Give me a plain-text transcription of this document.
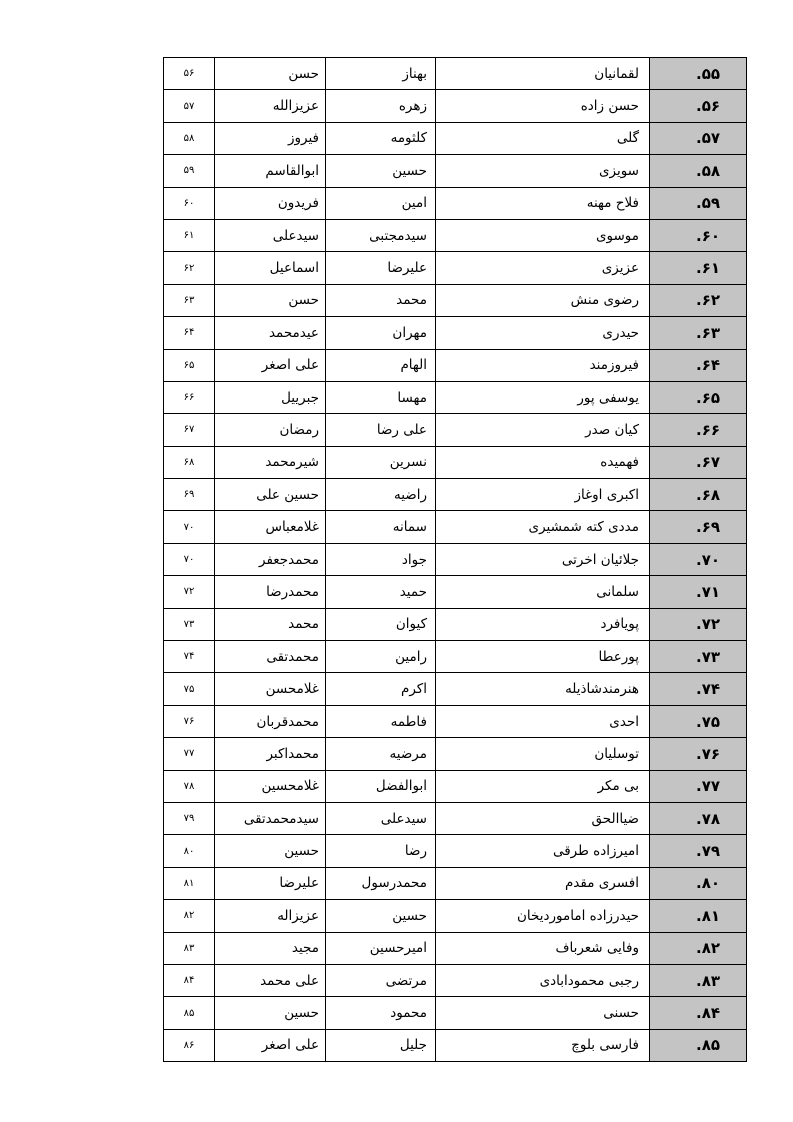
۵۵.	لقمانیان	بهناز	حسن	۵۶
۵۶.	حسن زاده	زهره	عزیزالله	۵۷
۵۷.	گلی	کلثومه	فیروز	۵۸
۵۸.	سویزی	حسین	ابوالقاسم	۵۹
۵۹.	فلاح مهنه	امین	فریدون	۶۰
۶۰.	موسوی	سیدمجتبی	سیدعلی	۶۱
۶۱.	عزیزی	علیرضا	اسماعیل	۶۲
۶۲.	رضوی منش	محمد	حسن	۶۳
۶۳.	حیدری	مهران	عیدمحمد	۶۴
۶۴.	فیروزمند	الهام	علی اصغر	۶۵
۶۵.	یوسفی پور	مهسا	جبرییل	۶۶
۶۶.	کیان صدر	علی رضا	رمضان	۶۷
۶۷.	فهمیده	نسرین	شیرمحمد	۶۸
۶۸.	اکبری اوغاز	راضیه	حسین علی	۶۹
۶۹.	مددی کته شمشیری	سمانه	غلامعباس	۷۰
۷۰.	جلائیان اخرتی	جواد	محمدجعفر	۷۰
۷۱.	سلمانی	حمید	محمدرضا	۷۲
۷۲.	پویافرد	کیوان	محمد	۷۳
۷۳.	پورعطا	رامین	محمدتقی	۷۴
۷۴.	هنرمندشاذیله	اکرم	غلامحسن	۷۵
۷۵.	احدی	فاطمه	محمدقربان	۷۶
۷۶.	توسلیان	مرضیه	محمداکبر	۷۷
۷۷.	بی مکر	ابوالفضل	غلامحسین	۷۸
۷۸.	ضیاالحق	سیدعلی	سیدمحمدتقی	۷۹
۷۹.	امیرزاده طرقی	رضا	حسین	۸۰
۸۰.	افسری مقدم	محمدرسول	علیرضا	۸۱
۸۱.	حیدرزاده امامورديخان	حسین	عزیزاله	۸۲
۸۲.	وفایی شعرباف	امیرحسین	مجید	۸۳
۸۳.	رجبی محمودابادی	مرتضی	علی محمد	۸۴
۸۴.	حسنی	محمود	حسین	۸۵
۸۵.	فارسی بلوچ	جلیل	علی اصغر	۸۶
